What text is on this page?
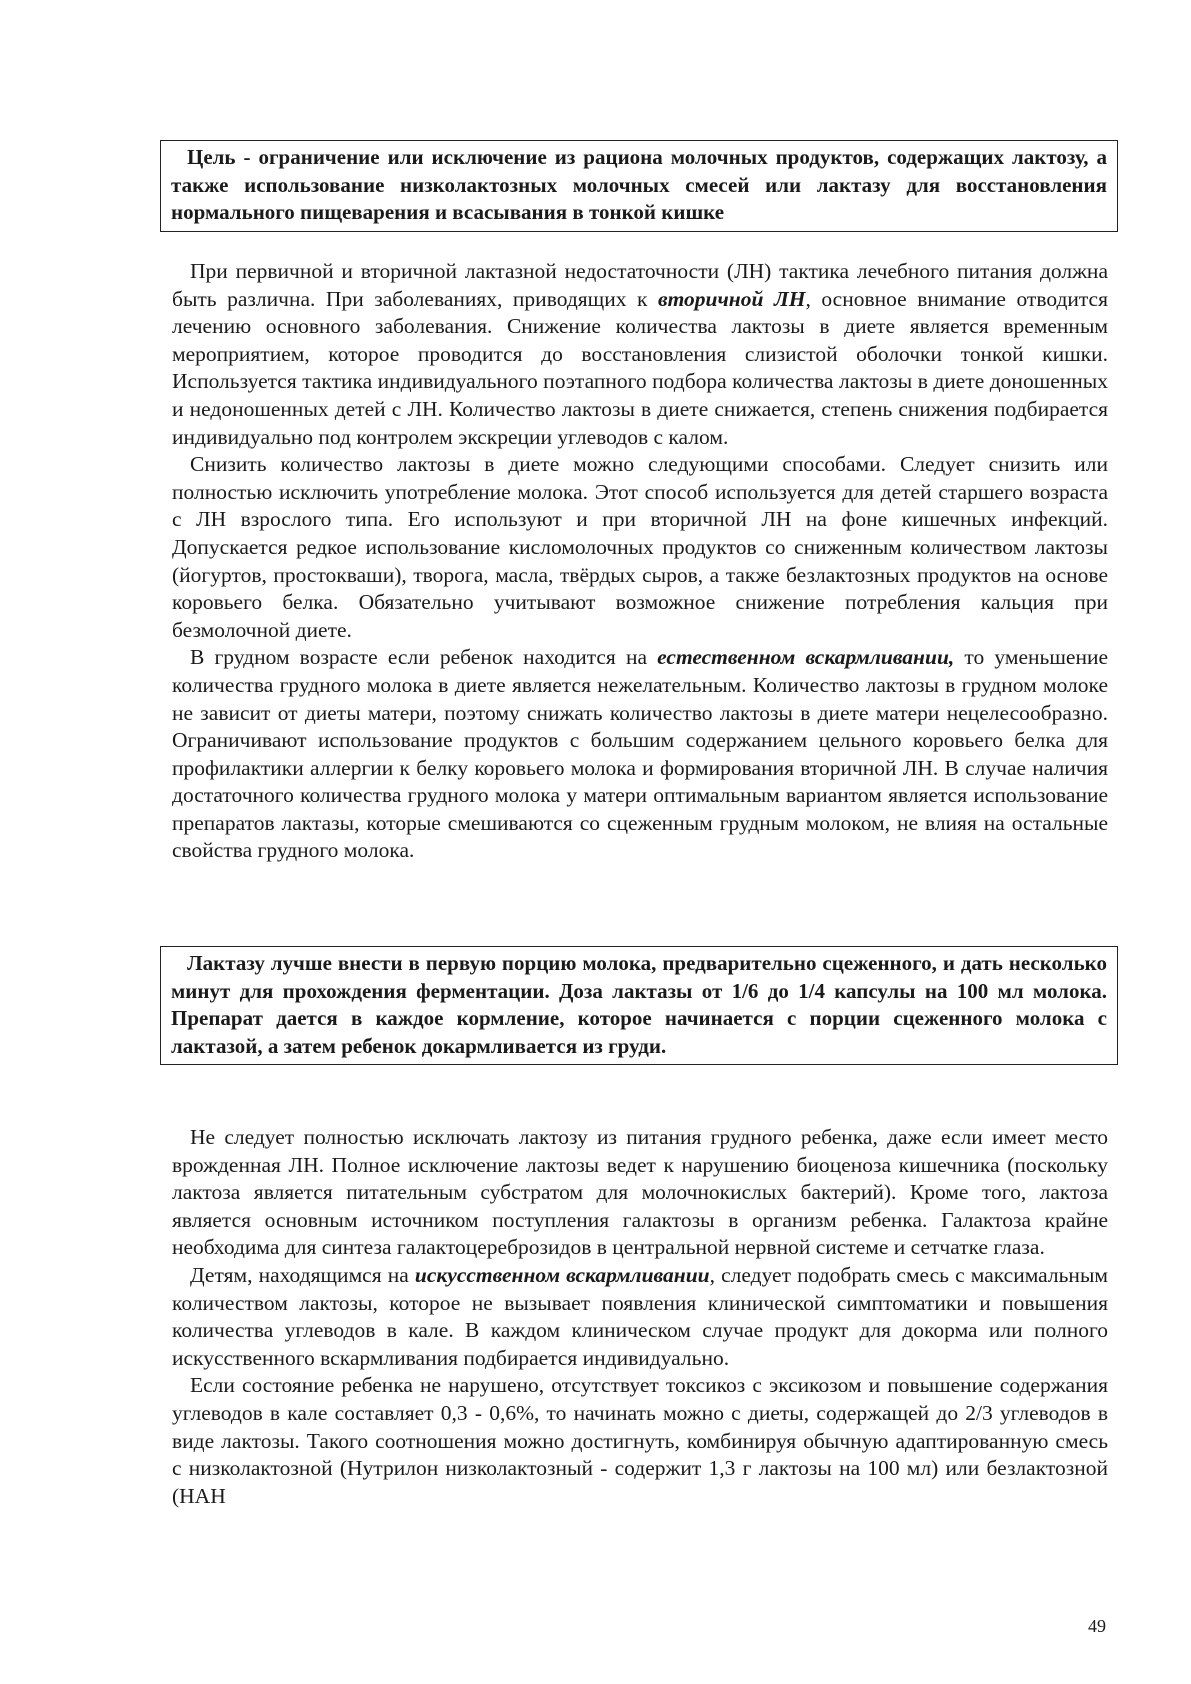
Цель - ограничение или исключение из рациона молочных продуктов, содержащих лактозу, а также использование низколактозных молочных смесей или лактазу для восстановления нормального пищеварения и всасывания в тонкой кишке

При первичной и вторичной лактазной недостаточности (ЛН) тактика лечебного питания должна быть различна. При заболеваниях, приводящих к вторичной ЛН, основное внимание отводится лечению основного заболевания. Снижение количества лактозы в диете является временным мероприятием, которое проводится до восстановления слизистой оболочки тонкой кишки. Используется тактика индивидуального поэтапного подбора количества лактозы в диете доношенных и недоношенных детей с ЛН. Количество лактозы в диете снижается, степень снижения подбирается индивидуально под контролем экскреции углеводов с калом.

Снизить количество лактозы в диете можно следующими способами. Следует снизить или полностью исключить употребление молока. Этот способ используется для детей старшего возраста с ЛН взрослого типа. Его используют и при вторичной ЛН на фоне кишечных инфекций. Допускается редкое использование кисломолочных продуктов со сниженным количеством лактозы (йогуртов, простокваши), творога, масла, твёрдых сыров, а также безлактозных продуктов на основе коровьего белка. Обязательно учитывают возможное снижение потребления кальция при безмолочной диете.

В грудном возрасте если ребенок находится на естественном вскармливании, то уменьшение количества грудного молока в диете является нежелательным. Количество лактозы в грудном молоке не зависит от диеты матери, поэтому снижать количество лактозы в диете матери нецелесообразно. Ограничивают использование продуктов с большим содержанием цельного коровьего белка для профилактики аллергии к белку коровьего молока и формирования вторичной ЛН. В случае наличия достаточного количества грудного молока у матери оптимальным вариантом является использование препаратов лактазы, которые смешиваются со сцеженным грудным молоком, не влияя на остальные свойства грудного молока.

Лактазу лучше внести в первую порцию молока, предварительно сцеженного, и дать несколько минут для прохождения ферментации. Доза лактазы от 1/6 до 1/4 капсулы на 100 мл молока. Препарат дается в каждое кормление, которое начинается с порции сцеженного молока с лактазой, а затем ребенок докармливается из груди.

Не следует полностью исключать лактозу из питания грудного ребенка, даже если имеет место врожденная ЛН. Полное исключение лактозы ведет к нарушению биоценоза кишечника (поскольку лактоза является питательным субстратом для молочнокислых бактерий). Кроме того, лактоза является основным источником поступления галактозы в организм ребенка. Галактоза крайне необходима для синтеза галактоцереброзидов в центральной нервной системе и сетчатке глаза.

Детям, находящимся на искусственном вскармливании, следует подобрать смесь с максимальным количеством лактозы, которое не вызывает появления клинической симптоматики и повышения количества углеводов в кале. В каждом клиническом случае продукт для докорма или полного искусственного вскармливания подбирается индивидуально.

Если состояние ребенка не нарушено, отсутствует токсикоз с эксикозом и повышение содержания углеводов в кале составляет 0,3 - 0,6%, то начинать можно с диеты, содержащей до 2/3 углеводов в виде лактозы. Такого соотношения можно достигнуть, комбинируя обычную адаптированную смесь с низколактозной (Нутрилон низколактозный - содержит 1,3 г лактозы на 100 мл) или безлактозной (НАН

49
